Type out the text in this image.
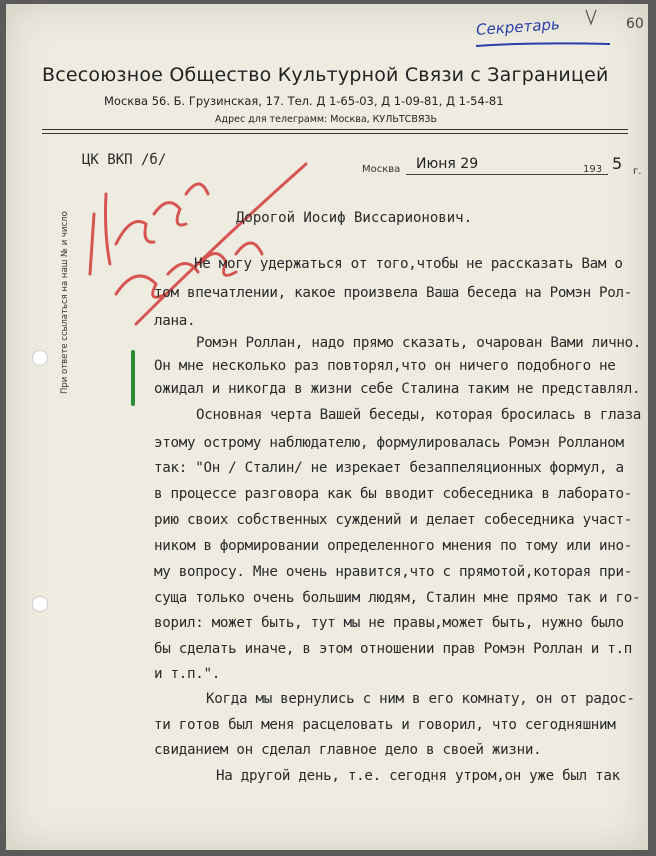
Секретарь	60
Всесоюзное Общество Культурной Связи с Заграницей
Москва 56. Б. Грузинская, 17. Тел. Д 1-65-03, Д 1-09-81, Д 1-54-81
Адрес для телеграмм: Москва, КУЛЬТСВЯЗЬ
При ответе ссылаться на наш № и число
ЦК ВКП /б/
Москва Июня 29	193 5 г.
Дорогой Иосиф Виссарионович.
Не могу удержаться от того,чтобы не рассказать Вам о
том впечатлении, какое произвела Ваша беседа на Ромэн Рол-
лана.
Ромэн Роллан, надо прямо сказать, очарован Вами лично.
Он мне несколько раз повторял,что он ничего подобного не
ожидал и никогда в жизни себе Сталина таким не представлял.
Основная черта Вашей беседы, которая бросилась в глаза
этому острому наблюдателю, формулировалась Ромэн Ролланом
так: "Он / Сталин/ не изрекает безаппеляционных формул, а
в процессе разговора как бы вводит собеседника в лаборато-
рию своих собственных суждений и делает собеседника участ-
ником в формировании определенного мнения по тому или ино-
му вопросу. Мне очень нравится,что с прямотой,которая при-
суща только очень большим людям, Сталин мне прямо так и го-
ворил: может быть, тут мы не правы,может быть, нужно было
бы сделать иначе, в этом отношении прав Ромэн Роллан и т.п
и т.п.".
Когда мы вернулись с ним в его комнату, он от радос-
ти готов был меня расцеловать и говорил, что сегодняшним
свиданием он сделал главное дело в своей жизни.
На другой день, т.е. сегодня утром,он уже был так
